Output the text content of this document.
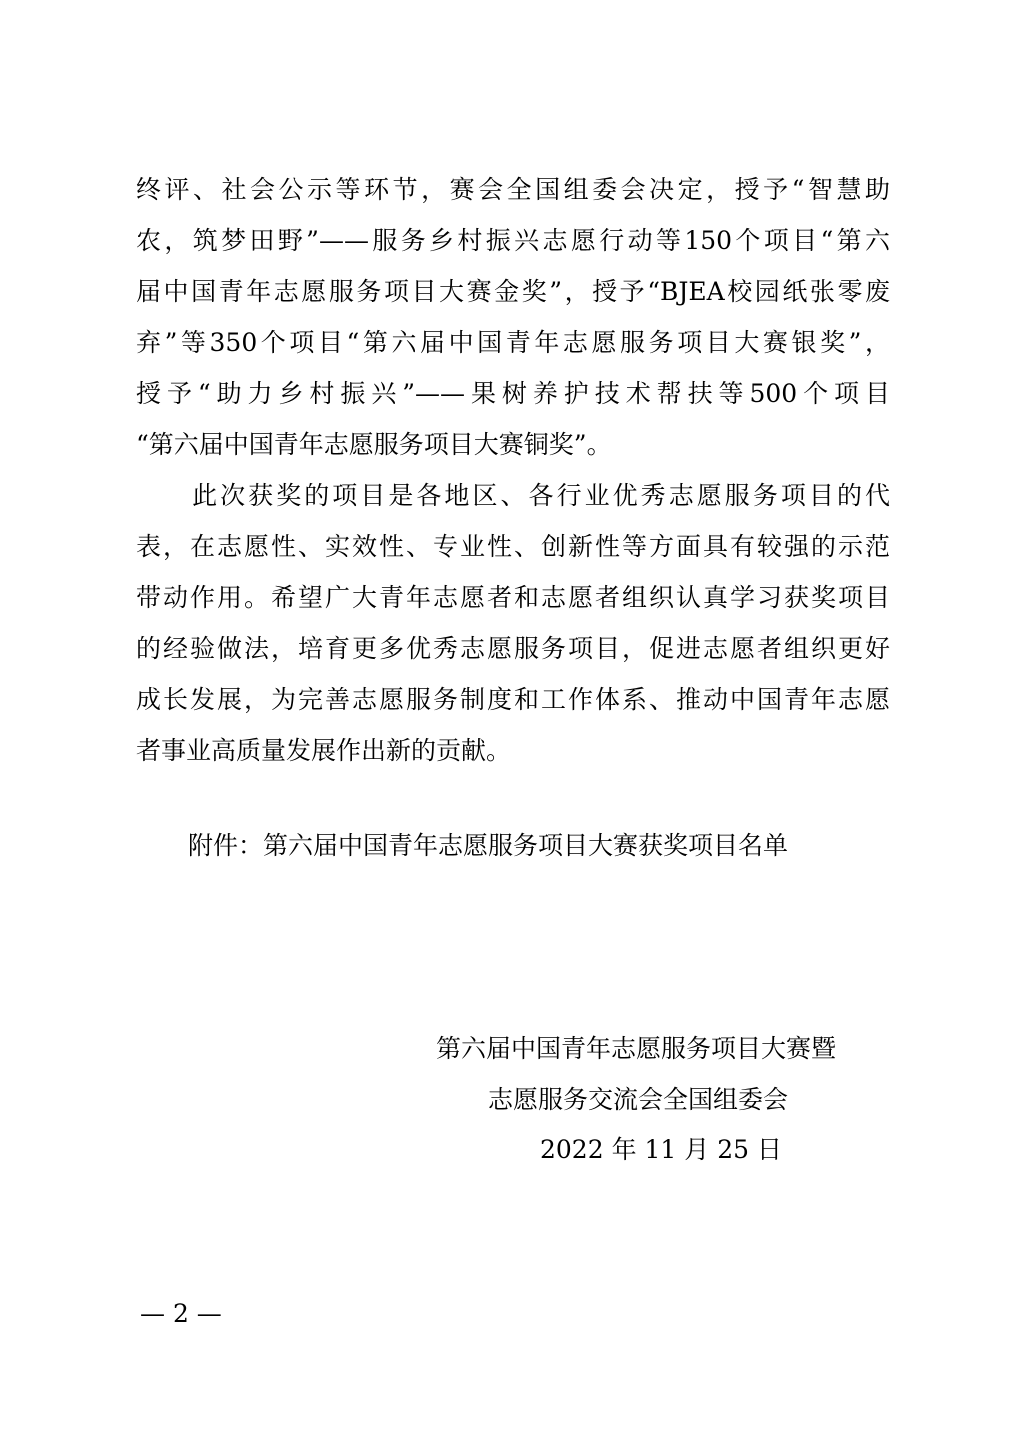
终评、社会公示等环节，赛会全国组委会决定，授予“智慧助
农，筑梦田野”——服务乡村振兴志愿行动等150个项目“第六
届中国青年志愿服务项目大赛金奖”，授予“BJEA校园纸张零废
弃”等350个项目“第六届中国青年志愿服务项目大赛银奖”，
授予“助力乡村振兴”——果树养护技术帮扶等500个项目
“第六届中国青年志愿服务项目大赛铜奖”。
　　此次获奖的项目是各地区、各行业优秀志愿服务项目的代
表，在志愿性、实效性、专业性、创新性等方面具有较强的示范
带动作用。希望广大青年志愿者和志愿者组织认真学习获奖项目
的经验做法，培育更多优秀志愿服务项目，促进志愿者组织更好
成长发展，为完善志愿服务制度和工作体系、推动中国青年志愿
者事业高质量发展作出新的贡献。
附件：第六届中国青年志愿服务项目大赛获奖项目名单
第六届中国青年志愿服务项目大赛暨
志愿服务交流会全国组委会
2022 年 11 月 25 日
— 2 —
